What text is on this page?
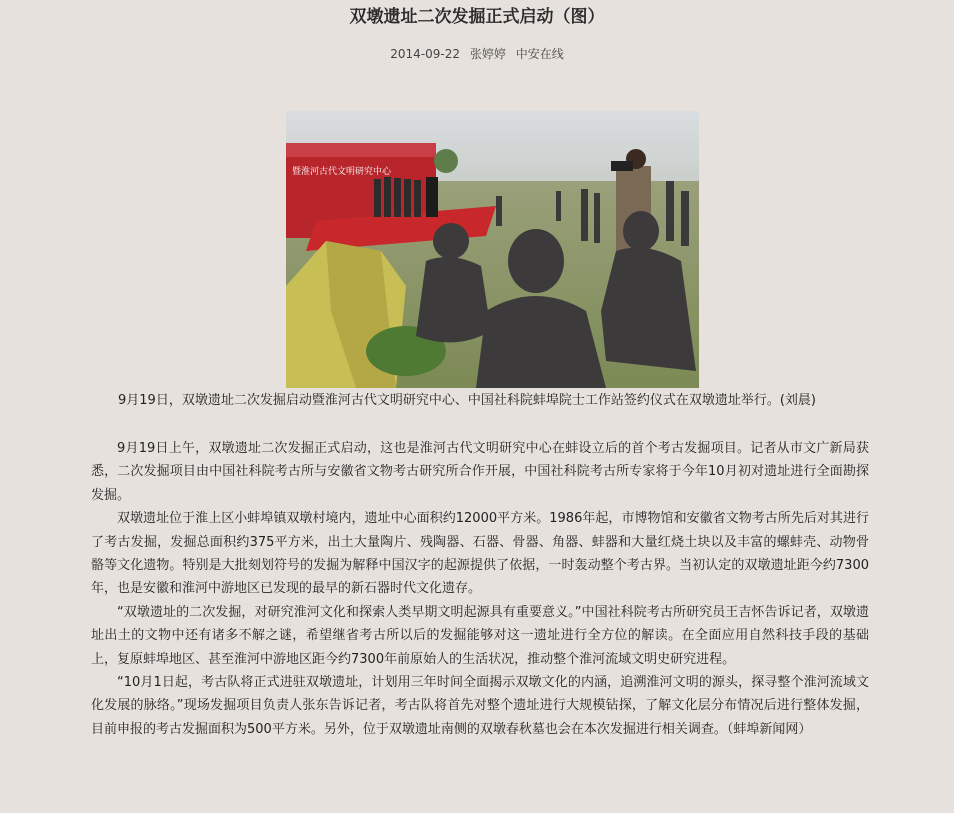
双墩遗址二次发掘正式启动（图）
2014-09-22 张婷婷 中安在线
暨淮河古代文明研究中心
9月19日，双墩遗址二次发掘启动暨淮河古代文明研究中心、中国社科院蚌埠院士工作站签约仪式在双墩遗址举行。(刘晨)

9月19日上午，双墩遗址二次发掘正式启动，这也是淮河古代文明研究中心在蚌设立后的首个考古发掘项目。记者从市文广新局获悉，二次发掘项目由中国社科院考古所与安徽省文物考古研究所合作开展，中国社科院考古所专家将于今年10月初对遗址进行全面勘探发掘。

双墩遗址位于淮上区小蚌埠镇双墩村境内，遗址中心面积约12000平方米。1986年起，市博物馆和安徽省文物考古所先后对其进行了考古发掘，发掘总面积约375平方米，出土大量陶片、残陶器、石器、骨器、角器、蚌器和大量红烧土块以及丰富的螺蚌壳、动物骨骼等文化遗物。特别是大批刻划符号的发掘为解释中国汉字的起源提供了依据，一时轰动整个考古界。当初认定的双墩遗址距今约7300年，也是安徽和淮河中游地区已发现的最早的新石器时代文化遗存。

“双墩遗址的二次发掘，对研究淮河文化和探索人类早期文明起源具有重要意义。”中国社科院考古所研究员王吉怀告诉记者，双墩遗址出土的文物中还有诸多不解之谜，希望继省考古所以后的发掘能够对这一遗址进行全方位的解读。在全面应用自然科技手段的基础上，复原蚌埠地区、甚至淮河中游地区距今约7300年前原始人的生活状况，推动整个淮河流域文明史研究进程。

“10月1日起，考古队将正式进驻双墩遗址，计划用三年时间全面揭示双墩文化的内涵，追溯淮河文明的源头，探寻整个淮河流域文化发展的脉络。”现场发掘项目负责人张东告诉记者，考古队将首先对整个遗址进行大规模钻探，了解文化层分布情况后进行整体发掘，目前申报的考古发掘面积为500平方米。另外，位于双墩遗址南侧的双墩春秋墓也会在本次发掘进行相关调查。（蚌埠新闻网）
